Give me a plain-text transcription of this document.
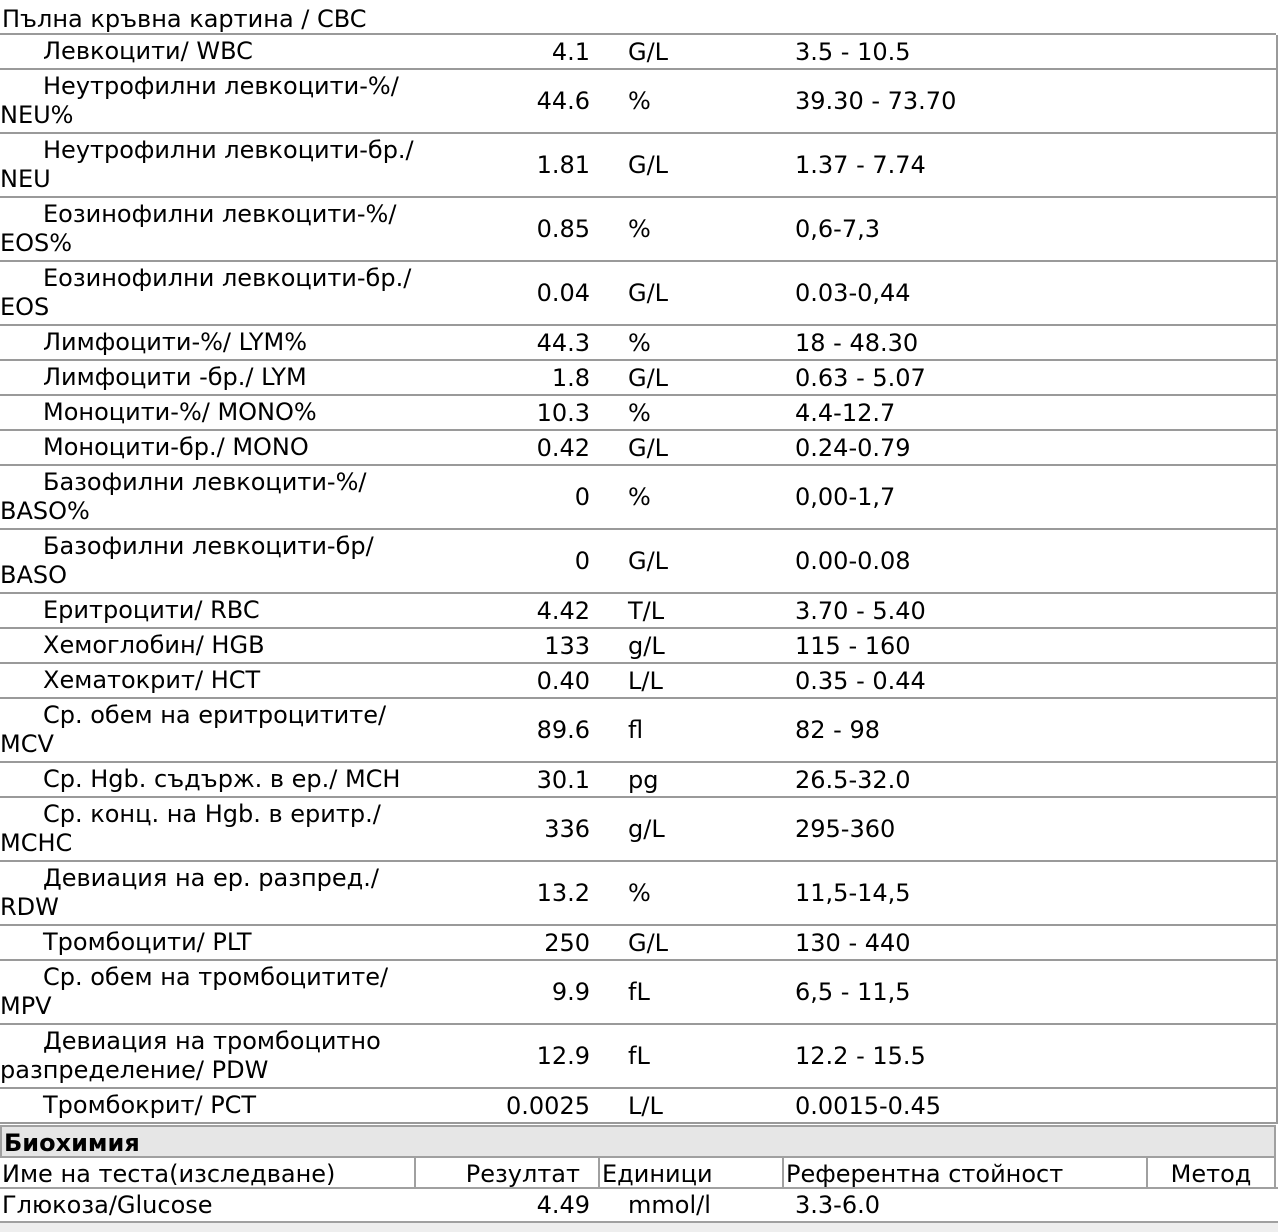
Пълна кръвна картина / CBC
Левкоцити/ WBC	4.1 G/L	3.5 - 10.5
Неутрофилни левкоцити-%/ NEU%	44.6 %	39.30 - 73.70
Неутрофилни левкоцити-бр./ NEU	1.81 G/L	1.37 - 7.74
Еозинофилни левкоцити-%/ EOS%	0.85 %	0,6-7,3
Еозинофилни левкоцити-бр./ EOS	0.04 G/L	0.03-0,44
Лимфоцити-%/ LYM%	44.3 %	18 - 48.30
Лимфоцити -бр./ LYM	1.8 G/L	0.63 - 5.07
Моноцити-%/ MONO%	10.3 %	4.4-12.7
Моноцити-бр./ MONO	0.42 G/L	0.24-0.79
Базофилни левкоцити-%/ BASO%	0 %	0,00-1,7
Базофилни левкоцити-бр/ BASO	0 G/L	0.00-0.08
Еритроцити/ RBC	4.42 T/L	3.70 - 5.40
Хемоглобин/ HGB	133 g/L	115 - 160
Хематокрит/ HCT	0.40 L/L	0.35 - 0.44
Ср. обем на еритроцитите/ MCV	89.6 fl	82 - 98
Ср. Hgb. съдърж. в ер./ MCH	30.1 pg	26.5-32.0
Ср. конц. на Hgb. в еритр./ MCHC	336 g/L	295-360
Девиация на ер. разпред./ RDW	13.2 %	11,5-14,5
Тромбоцити/ PLT	250 G/L	130 - 440
Ср. обем на тромбоцитите/ MPV	9.9 fL	6,5 - 11,5
Девиация на тромбоцитно разпределение/ PDW	12.9 fL	12.2 - 15.5
Тромбокрит/ PCT	0.0025 L/L	0.0015-0.45
Биохимия
Име на теста(изследване)	Резултат Единици	Референтна стойност	Метод
Глюкоза/Glucose	4.49 mmol/l	3.3-6.0
